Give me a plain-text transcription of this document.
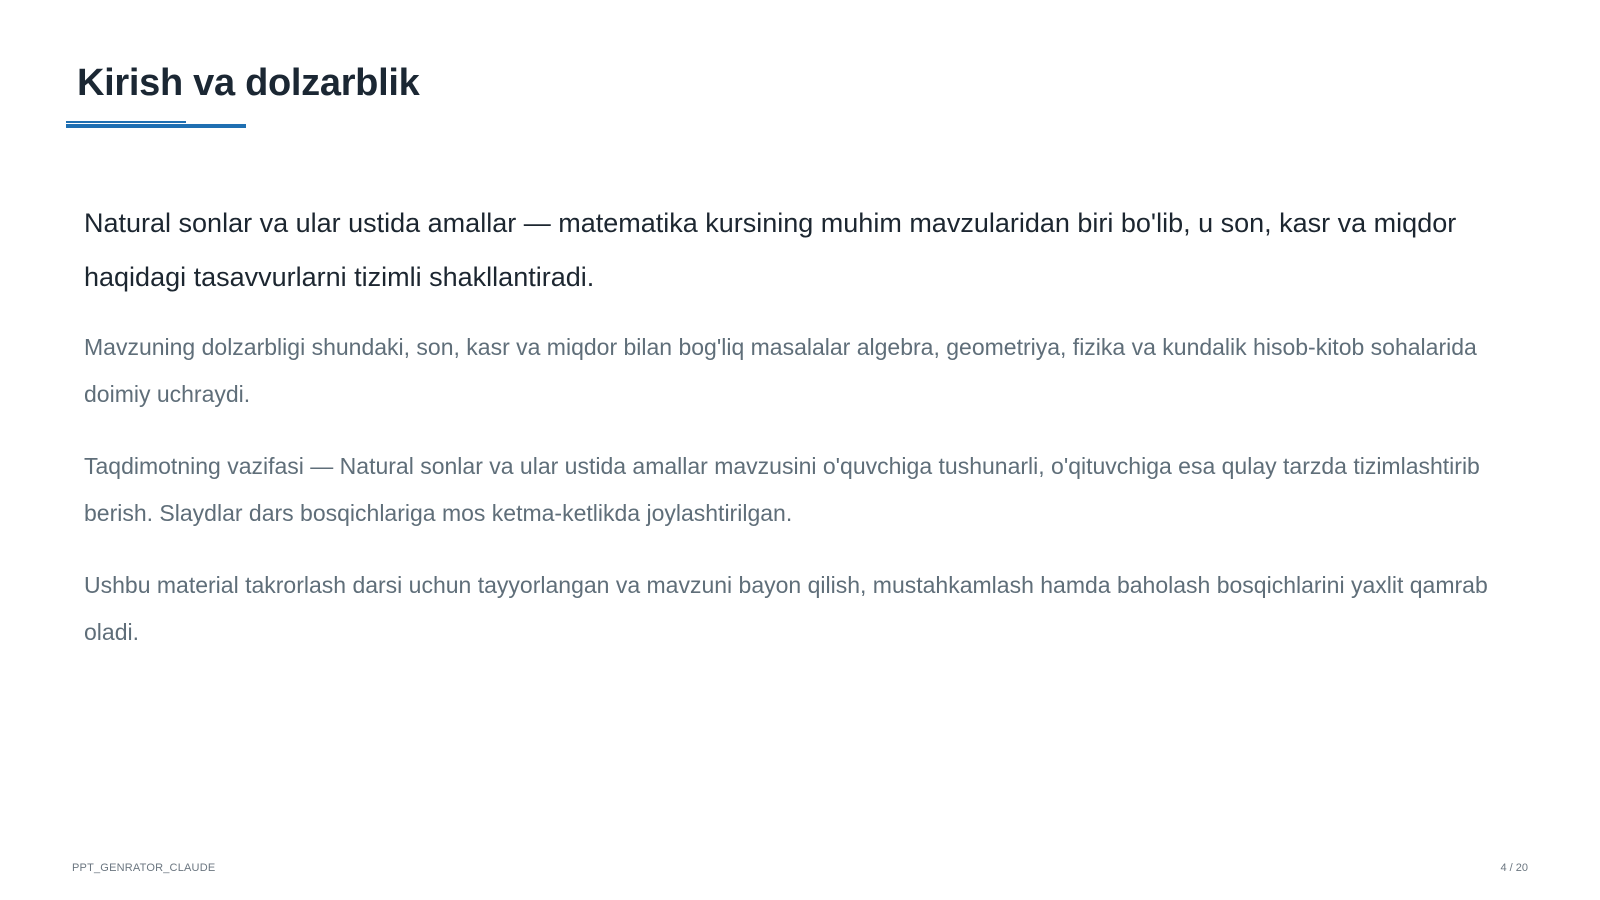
Kirish va dolzarblik

Natural sonlar va ular ustida amallar — matematika kursining muhim mavzularidan biri bo'lib, u son, kasr va miqdor haqidagi tasavvurlarni tizimli shakllantiradi.

Mavzuning dolzarbligi shundaki, son, kasr va miqdor bilan bog'liq masalalar algebra, geometriya, fizika va kundalik hisob-kitob sohalarida doimiy uchraydi.

Taqdimotning vazifasi — Natural sonlar va ular ustida amallar mavzusini o'quvchiga tushunarli, o'qituvchiga esa qulay tarzda tizimlashtirib berish. Slaydlar dars bosqichlariga mos ketma-ketlikda joylashtirilgan.

Ushbu material takrorlash darsi uchun tayyorlangan va mavzuni bayon qilish, mustahkamlash hamda baholash bosqichlarini yaxlit qamrab oladi.

PPT_GENRATOR_CLAUDE	4 / 20
